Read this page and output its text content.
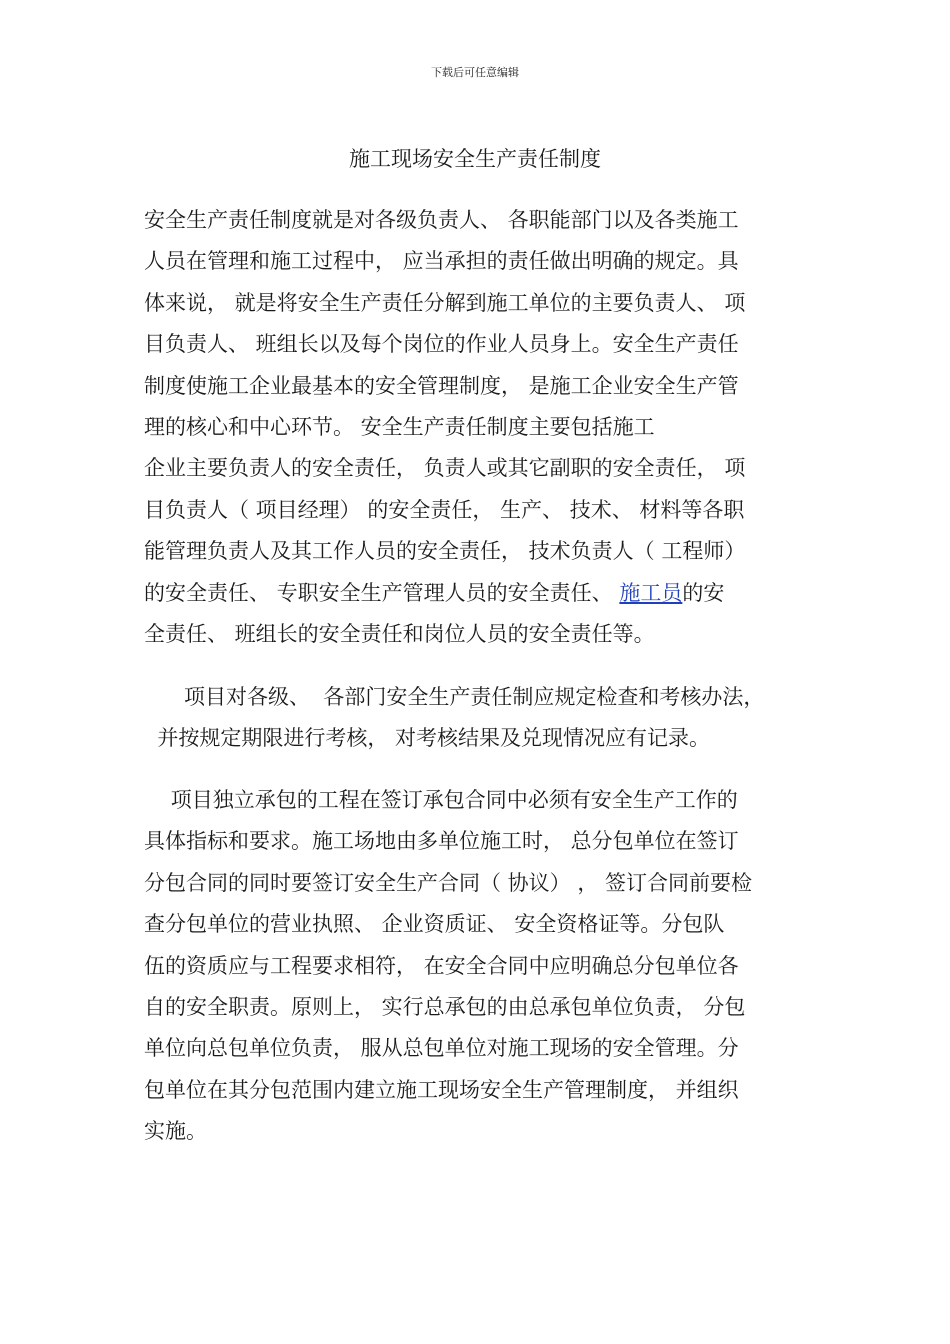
下载后可任意编辑
施工现场安全生产责任制度
安全生产责任制度就是对各级负责人、 各职能部门以及各类施工
人员在管理和施工过程中， 应当承担的责任做出明确的规定。具
体来说， 就是将安全生产责任分解到施工单位的主要负责人、 项
目负责人、 班组长以及每个岗位的作业人员身上。安全生产责任
制度使施工企业最基本的安全管理制度， 是施工企业安全生产管
理的核心和中心环节。 安全生产责任制度主要包括施工
企业主要负责人的安全责任， 负责人或其它副职的安全责任， 项
目负责人（ 项目经理） 的安全责任， 生产、 技术、 材料等各职
能管理负责人及其工作人员的安全责任， 技术负责人（ 工程师）
的安全责任、 专职安全生产管理人员的安全责任、 施工员的安
全责任、 班组长的安全责任和岗位人员的安全责任等。
项目对各级、  各部门安全生产责任制应规定检查和考核办法，
并按规定期限进行考核， 对考核结果及兑现情况应有记录。
项目独立承包的工程在签订承包合同中必须有安全生产工作的
具体指标和要求。施工场地由多单位施工时， 总分包单位在签订
分包合同的同时要签订安全生产合同（ 协议） ， 签订合同前要检
查分包单位的营业执照、 企业资质证、 安全资格证等。分包队
伍的资质应与工程要求相符， 在安全合同中应明确总分包单位各
自的安全职责。原则上， 实行总承包的由总承包单位负责， 分包
单位向总包单位负责， 服从总包单位对施工现场的安全管理。分
包单位在其分包范围内建立施工现场安全生产管理制度， 并组织
实施。
